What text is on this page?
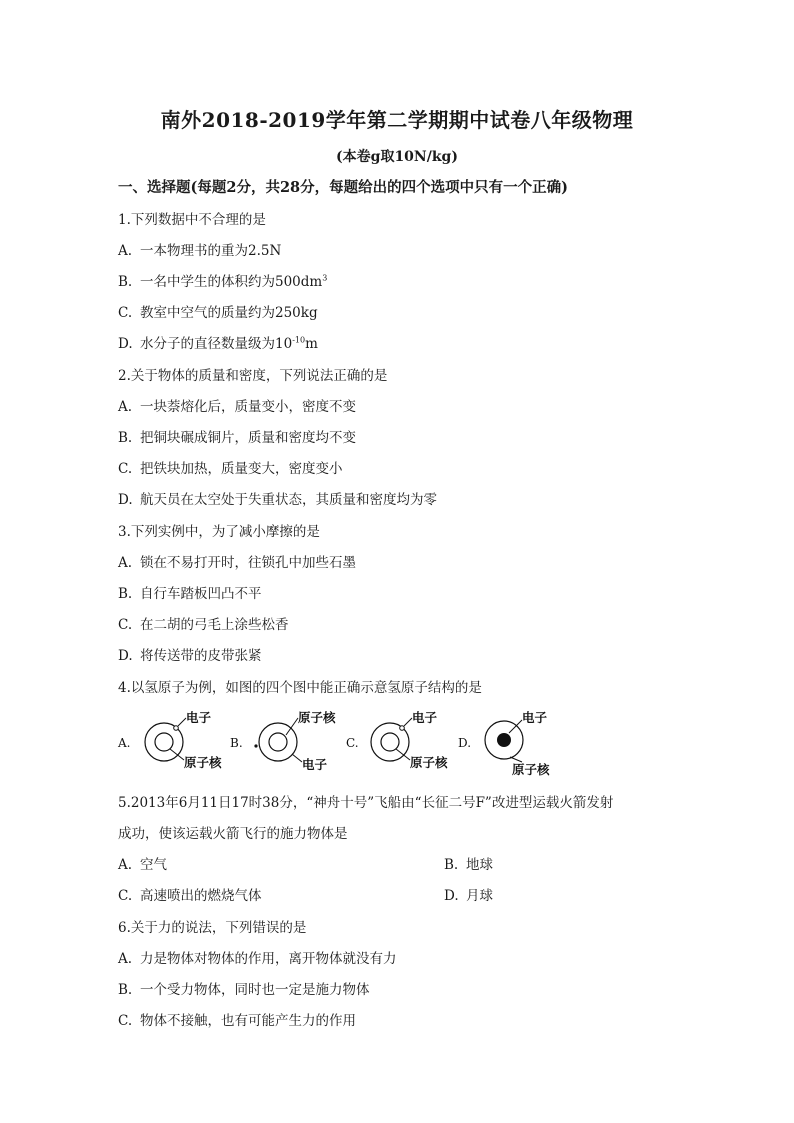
南外2018-2019学年第二学期期中试卷八年级物理
(本卷g取10N/kg)
一、选择题(每题2分，共28分，每题给出的四个选项中只有一个正确)
1.下列数据中不合理的是
A. 一本物理书的重为2.5N
B. 一名中学生的体积约为$500dm^3$
C. 教室中空气的质量约为250kg
D. 水分子的直径数量级为$10^{-10}m$
2.关于物体的质量和密度，下列说法正确的是
A. 一块萘熔化后，质量变小，密度不变
B. 把铜块碾成铜片，质量和密度均不变
C. 把铁块加热，质量变大，密度变小
D. 航天员在太空处于失重状态，其质量和密度均为零
3.下列实例中，为了减小摩擦的是
A. 锁在不易打开时，往锁孔中加些石墨
B. 自行车踏板凹凸不平
C. 在二胡的弓毛上涂些松香
D. 将传送带的皮带张紧
4.以氢原子为例，如图的四个图中能正确示意氢原子结构的是
A.
电子
原子核
B.
原子核
电子
C.
电子
原子核
D.
电子
原子核
5.2013年6月11日17时38分，“神舟十号”飞船由“长征二号F”改进型运载火箭发射
成功，使该运载火箭飞行的施力物体是
A. 空气	B. 地球
C. 高速喷出的燃烧气体	D. 月球
6.关于力的说法，下列错误的是
A. 力是物体对物体的作用，离开物体就没有力
B. 一个受力物体，同时也一定是施力物体
C. 物体不接触，也有可能产生力的作用
